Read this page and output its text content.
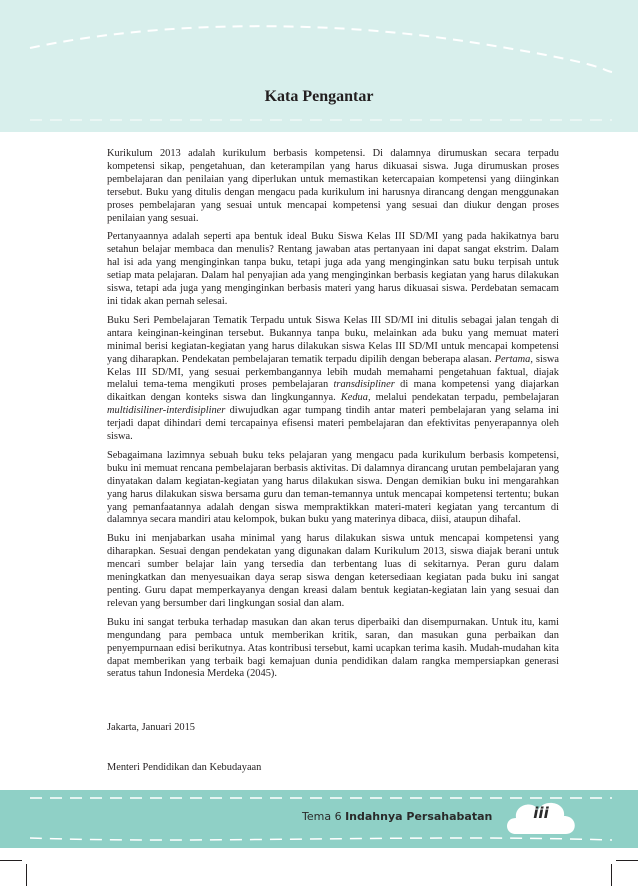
Kata Pengantar

Kurikulum 2013 adalah kurikulum berbasis kompetensi. Di dalamnya dirumuskan secara terpadu kompetensi sikap, pengetahuan, dan keterampilan yang harus dikuasai siswa. Juga dirumuskan proses pembelajaran dan penilaian yang diperlukan untuk memastikan ketercapaian kompetensi yang diinginkan tersebut. Buku yang ditulis dengan mengacu pada kurikulum ini harusnya dirancang dengan menggunakan proses pembelajaran yang sesuai untuk mencapai kompetensi yang sesuai dan diukur dengan proses penilaian yang sesuai.

Pertanyaannya adalah seperti apa bentuk ideal Buku Siswa Kelas III SD/MI yang pada hakikatnya baru setahun belajar membaca dan menulis? Rentang jawaban atas pertanyaan ini dapat sangat ekstrim. Dalam hal isi ada yang menginginkan tanpa buku, tetapi juga ada yang menginginkan satu buku terpisah untuk setiap mata pelajaran. Dalam hal penyajian ada yang menginginkan berbasis kegiatan yang harus dilakukan siswa, tetapi ada juga yang menginginkan berbasis materi yang harus dikuasai siswa. Perdebatan semacam ini tidak akan pernah selesai.

Buku Seri Pembelajaran Tematik Terpadu untuk Siswa Kelas III SD/MI ini ditulis sebagai jalan tengah di antara keinginan-keinginan tersebut. Bukannya tanpa buku, melainkan ada buku yang memuat materi minimal berisi kegiatan-kegiatan yang harus dilakukan siswa Kelas III SD/MI untuk mencapai kompetensi yang diharapkan. Pendekatan pembelajaran tematik terpadu dipilih dengan beberapa alasan. Pertama, siswa Kelas III SD/MI, yang sesuai perkembangannya lebih mudah memahami pengetahuan faktual, diajak melalui tema-tema mengikuti proses pembelajaran transdisipliner di mana kompetensi yang diajarkan dikaitkan dengan konteks siswa dan lingkungannya. Kedua, melalui pendekatan terpadu, pembelajaran multidisiliner-interdisipliner diwujudkan agar tumpang tindih antar materi pembelajaran yang selama ini terjadi dapat dihindari demi tercapainya efisensi materi pembelajaran dan efektivitas penyerapannya oleh siswa.

Sebagaimana lazimnya sebuah buku teks pelajaran yang mengacu pada kurikulum berbasis kompetensi, buku ini memuat rencana pembelajaran berbasis aktivitas. Di dalamnya dirancang urutan pembelajaran yang dinyatakan dalam kegiatan-kegiatan yang harus dilakukan siswa. Dengan demikian buku ini mengarahkan yang harus dilakukan siswa bersama guru dan teman-temannya untuk mencapai kompetensi tertentu; bukan yang pemanfaatannya adalah dengan siswa mempraktikkan materi-materi kegiatan yang tercantum di dalamnya secara mandiri atau kelompok, bukan buku yang materinya dibaca, diisi, ataupun dihafal.

Buku ini menjabarkan usaha minimal yang harus dilakukan siswa untuk mencapai kompetensi yang diharapkan. Sesuai dengan pendekatan yang digunakan dalam Kurikulum 2013, siswa diajak berani untuk mencari sumber belajar lain yang tersedia dan terbentang luas di sekitarnya. Peran guru dalam meningkatkan dan menyesuaikan daya serap siswa dengan ketersediaan kegiatan pada buku ini sangat penting. Guru dapat memperkayanya dengan kreasi dalam bentuk kegiatan-kegiatan lain yang sesuai dan relevan yang bersumber dari lingkungan sosial dan alam.

Buku ini sangat terbuka terhadap masukan dan akan terus diperbaiki dan disempurnakan. Untuk itu, kami mengundang para pembaca untuk memberikan kritik, saran, dan masukan guna perbaikan dan penyempurnaan edisi berikutnya. Atas kontribusi tersebut, kami ucapkan terima kasih. Mudah-mudahan kita dapat memberikan yang terbaik bagi kemajuan dunia pendidikan dalam rangka mempersiapkan generasi seratus tahun Indonesia Merdeka (2045).

Jakarta, Januari 2015
Menteri Pendidikan dan Kebudayaan
Tema 6 Indahnya Persahabatan	iii
